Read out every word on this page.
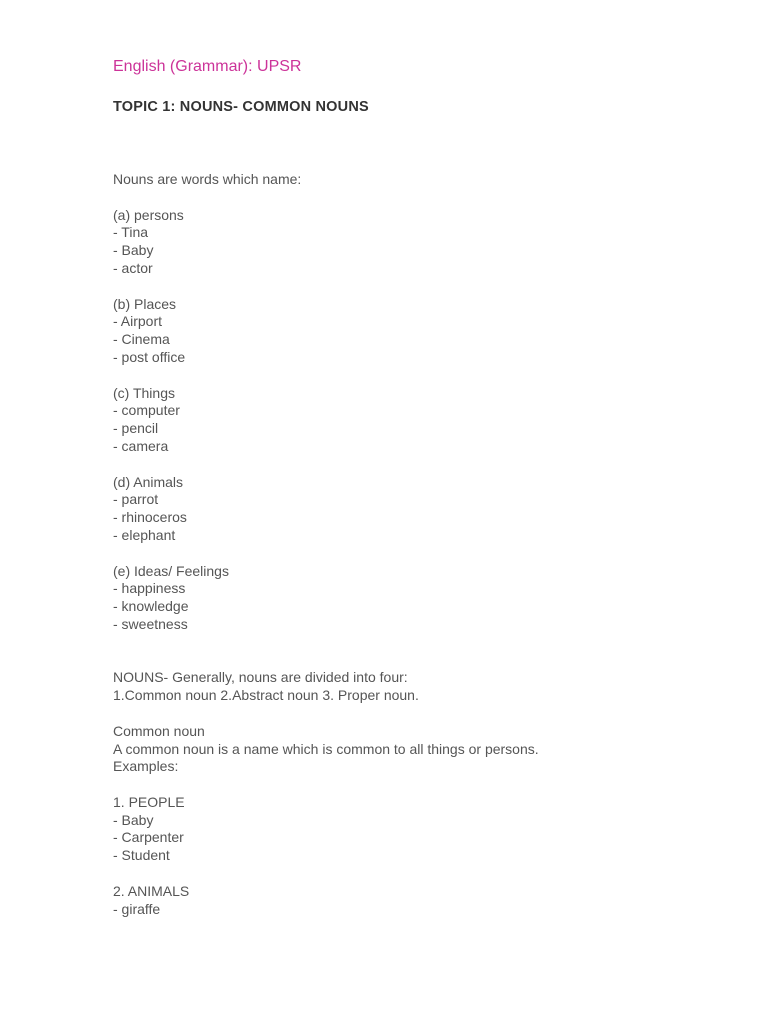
English (Grammar): UPSR
TOPIC 1: NOUNS- COMMON NOUNS
Nouns are words which name:
(a) persons
- Tina
- Baby
- actor
(b) Places
- Airport
- Cinema
- post office
(c) Things
- computer
- pencil
- camera
(d) Animals
- parrot
- rhinoceros
- elephant
(e) Ideas/ Feelings
- happiness
- knowledge
- sweetness
NOUNS- Generally, nouns are divided into four:
1.Common noun 2.Abstract noun 3. Proper noun.
Common noun
A common noun is a name which is common to all things or persons.
Examples:
1. PEOPLE
- Baby
- Carpenter
- Student
2. ANIMALS
- giraffe
